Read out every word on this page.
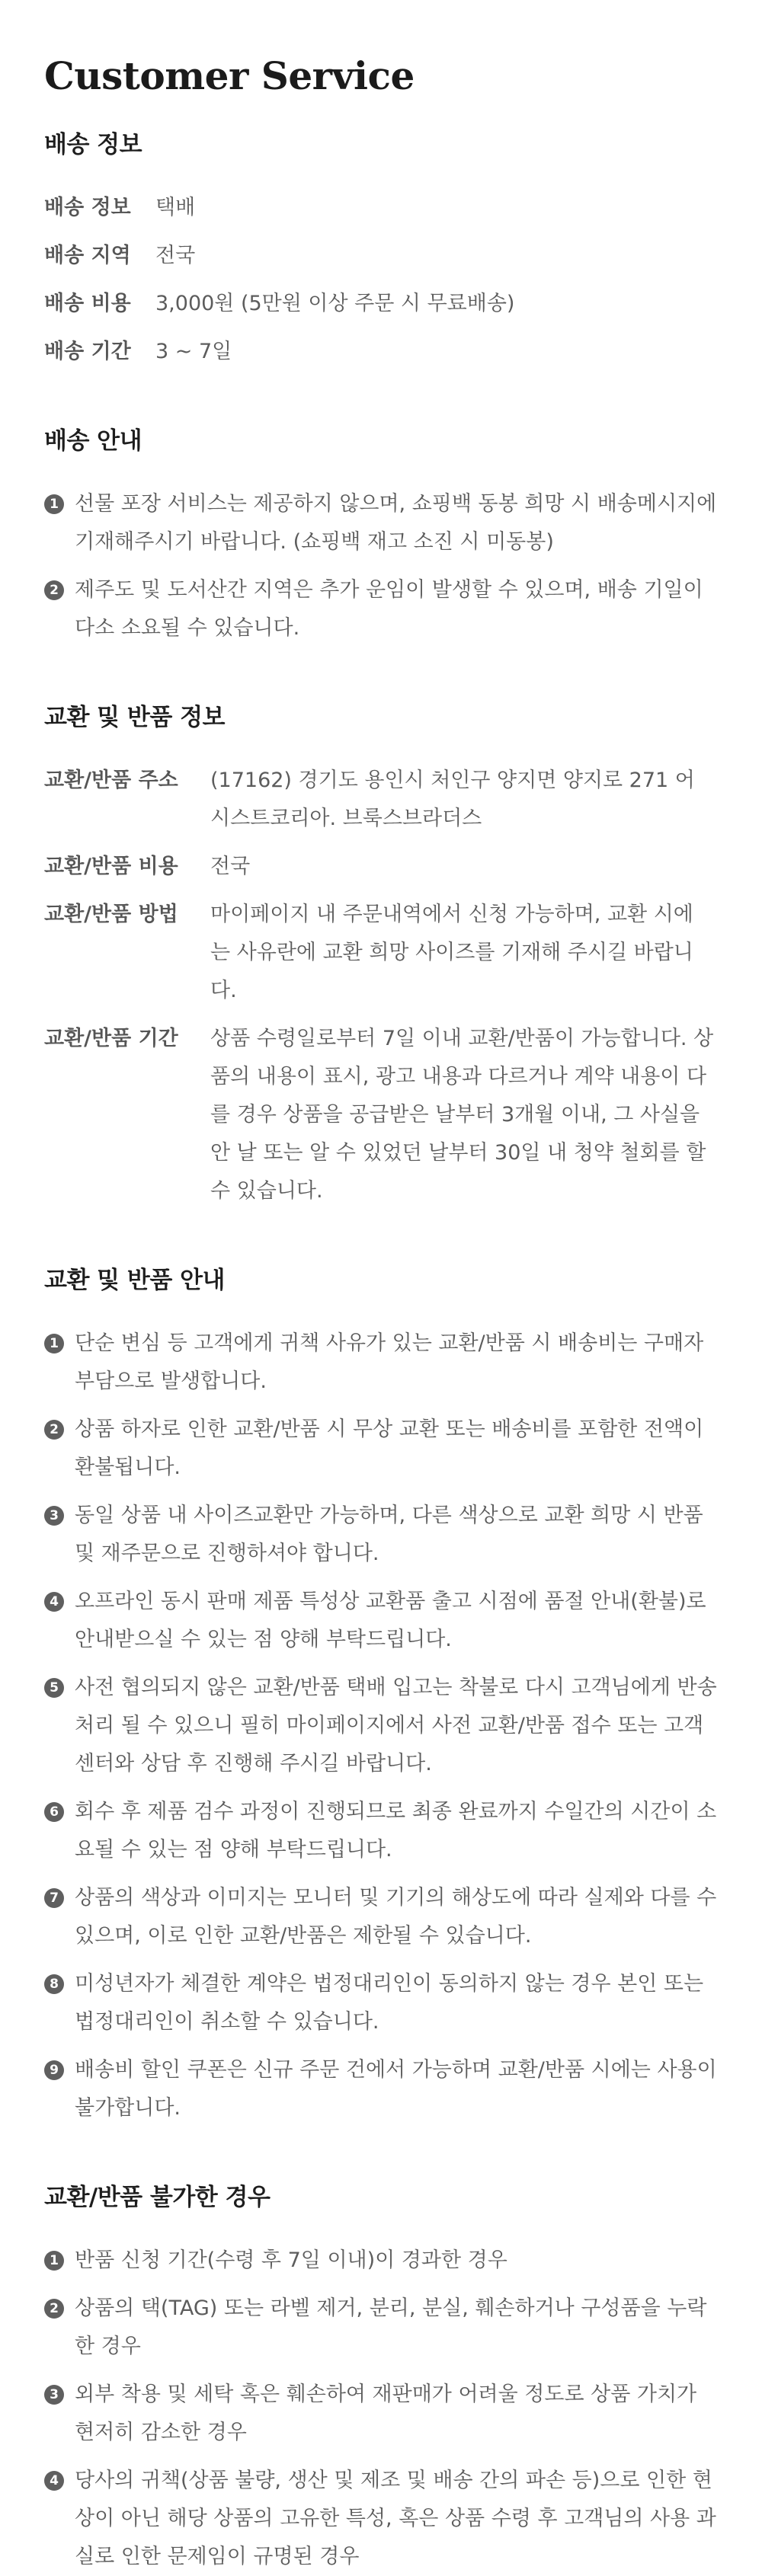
Customer Service
배송 정보
배송 정보	택배
배송 지역	전국
배송 비용	3,000원 (5만원 이상 주문 시 무료배송)
배송 기간	3 ~ 7일
배송 안내
1 선물 포장 서비스는 제공하지 않으며, 쇼핑백 동봉 희망 시 배송메시지에 기재해주시기 바랍니다. (쇼핑백 재고 소진 시 미동봉)
2 제주도 및 도서산간 지역은 추가 운임이 발생할 수 있으며, 배송 기일이 다소 소요될 수 있습니다.
교환 및 반품 정보
교환/반품 주소	(17162) 경기도 용인시 처인구 양지면 양지로 271 어시스트코리아. 브룩스브라더스
교환/반품 비용	전국
교환/반품 방법	마이페이지 내 주문내역에서 신청 가능하며, 교환 시에는 사유란에 교환 희망 사이즈를 기재해 주시길 바랍니다.
교환/반품 기간	상품 수령일로부터 7일 이내 교환/반품이 가능합니다. 상품의 내용이 표시, 광고 내용과 다르거나 계약 내용이 다를 경우 상품을 공급받은 날부터 3개월 이내, 그 사실을 안 날 또는 알 수 있었던 날부터 30일 내 청약 철회를 할 수 있습니다.
교환 및 반품 안내
1 단순 변심 등 고객에게 귀책 사유가 있는 교환/반품 시 배송비는 구매자 부담으로 발생합니다.
2 상품 하자로 인한 교환/반품 시 무상 교환 또는 배송비를 포함한 전액이 환불됩니다.
3 동일 상품 내 사이즈교환만 가능하며, 다른 색상으로 교환 희망 시 반품 및 재주문으로 진행하셔야 합니다.
4 오프라인 동시 판매 제품 특성상 교환품 출고 시점에 품절 안내(환불)로 안내받으실 수 있는 점 양해 부탁드립니다.
5 사전 협의되지 않은 교환/반품 택배 입고는 착불로 다시 고객님에게 반송처리 될 수 있으니 필히 마이페이지에서 사전 교환/반품 접수 또는 고객센터와 상담 후 진행해 주시길 바랍니다.
6 회수 후 제품 검수 과정이 진행되므로 최종 완료까지 수일간의 시간이 소요될 수 있는 점 양해 부탁드립니다.
7 상품의 색상과 이미지는 모니터 및 기기의 해상도에 따라 실제와 다를 수 있으며, 이로 인한 교환/반품은 제한될 수 있습니다.
8 미성년자가 체결한 계약은 법정대리인이 동의하지 않는 경우 본인 또는 법정대리인이 취소할 수 있습니다.
9 배송비 할인 쿠폰은 신규 주문 건에서 가능하며 교환/반품 시에는 사용이 불가합니다.
교환/반품 불가한 경우
1 반품 신청 기간(수령 후 7일 이내)이 경과한 경우
2 상품의 택(TAG) 또는 라벨 제거, 분리, 분실, 훼손하거나 구성품을 누락한 경우
3 외부 착용 및 세탁 혹은 훼손하여 재판매가 어려울 정도로 상품 가치가 현저히 감소한 경우
4 당사의 귀책(상품 불량, 생산 및 제조 및 배송 간의 파손 등)으로 인한 현상이 아닌 해당 상품의 고유한 특성, 혹은 상품 수령 후 고객님의 사용 과실로 인한 문제임이 규명된 경우
